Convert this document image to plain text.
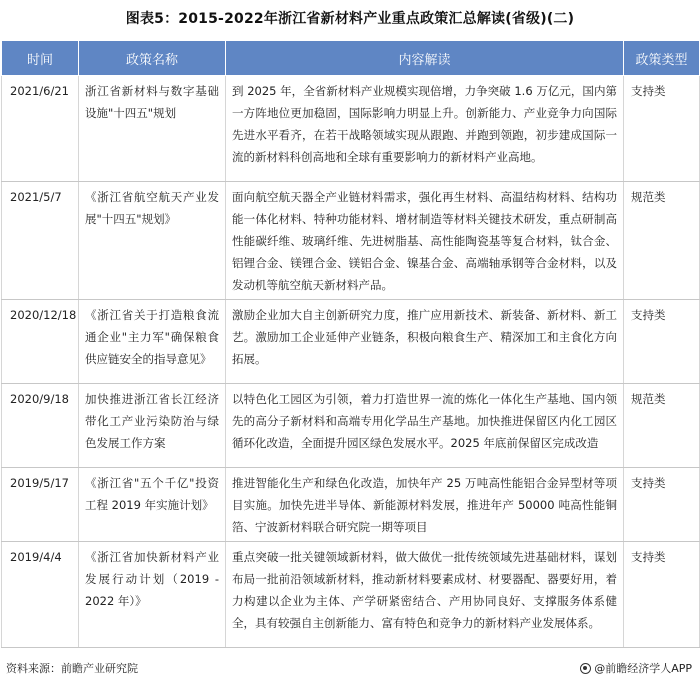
图表5：2015-2022年浙江省新材料产业重点政策汇总解读(省级)(二)
时间	政策名称	内容解读	政策类型
2021/6/21	浙江省新材料与数字基础设施"十四五"规划	到 2025 年，全省新材料产业规模实现倍增，力争突破 1.6 万亿元，国内第一方阵地位更加稳固，国际影响力明显上升。创新能力、产业竞争力向国际先进水平看齐，在若干战略领域实现从跟跑、并跑到领跑，初步建成国际一流的新材料科创高地和全球有重要影响力的新材料产业高地。	支持类
2021/5/7	《浙江省航空航天产业发展"十四五"规划》	面向航空航天器全产业链材料需求，强化再生材料、高温结构材料、结构功能一体化材料、特种功能材料、增材制造等材料关键技术研发，重点研制高性能碳纤维、玻璃纤维、先进树脂基、高性能陶瓷基等复合材料，钛合金、铝锂合金、镁锂合金、镁铝合金、镍基合金、高端轴承钢等合金材料，以及发动机等航空航天新材料产品。	规范类
2020/12/18	《浙江省关于打造粮食流通企业"主力军"确保粮食供应链安全的指导意见》	激励企业加大自主创新研究力度，推广应用新技术、新装备、新材料、新工艺。激励加工企业延伸产业链条，积极向粮食生产、精深加工和主食化方向拓展。	支持类
2020/9/18	加快推进浙江省长江经济带化工产业污染防治与绿色发展工作方案	以特色化工园区为引领，着力打造世界一流的炼化一体化生产基地、国内领先的高分子新材料和高端专用化学品生产基地。加快推进保留区内化工园区循环化改造，全面提升园区绿色发展水平。2025 年底前保留区完成改造	规范类
2019/5/17	《浙江省"五个千亿"投资工程 2019 年实施计划》	推进智能化生产和绿色化改造，加快年产 25 万吨高性能铝合金异型材等项目实施。加快先进半导体、新能源材料发展，推进年产 50000 吨高性能铜箔、宁波新材料联合研究院一期等项目	支持类
2019/4/4	《浙江省加快新材料产业发展行动计划（2019 - 2022 年）》	重点突破一批关键领域新材料，做大做优一批传统领域先进基础材料，谋划布局一批前沿领域新材料，推动新材料要素成材、材要器配、器要好用，着力构建以企业为主体、产学研紧密结合、产用协同良好、支撑服务体系健全，具有较强自主创新能力、富有特色和竞争力的新材料产业发展体系。	支持类
资料来源：前瞻产业研究院	@前瞻经济学人APP
